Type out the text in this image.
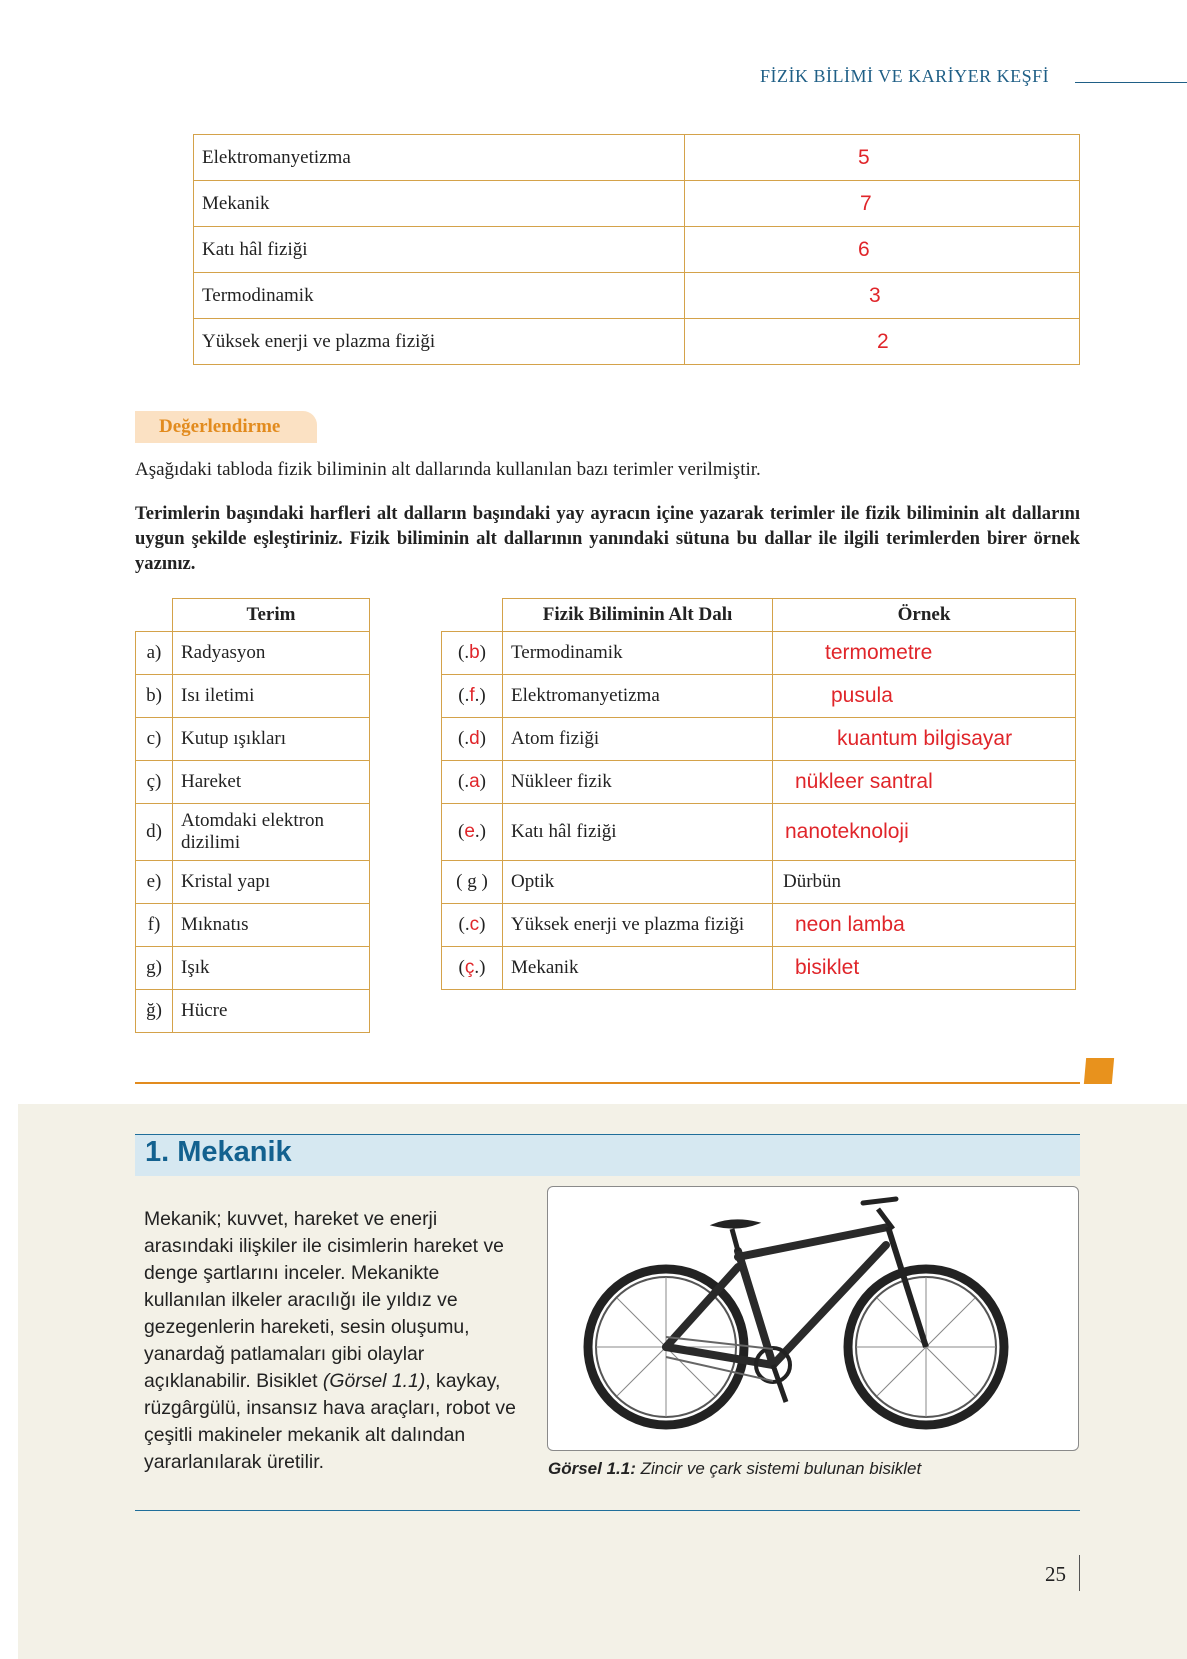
FİZİK BİLİMİ VE KARİYER KEŞFİ
Elektromanyetizma	5
Mekanik	7
Katı hâl fiziği	6
Termodinamik	3
Yüksek enerji ve plazma fiziği	2
Değerlendirme
Aşağıdaki tabloda fizik biliminin alt dallarında kullanılan bazı terimler verilmiştir.
Terimlerin başındaki harfleri alt dalların başındaki yay ayracın içine yazarak terimler ile fizik biliminin alt dallarını uygun şekilde eşleştiriniz. Fizik biliminin alt dallarının yanındaki sütuna bu dallar ile ilgili terimlerden birer örnek yazınız.
	Terim
a)	Radyasyon
b)	Isı iletimi
c)	Kutup ışıkları
ç)	Hareket
d)	Atomdaki elektron dizilimi
e)	Kristal yapı
f)	Mıknatıs
g)	Işık
ğ)	Hücre
	Fizik Biliminin Alt Dalı	Örnek
(.b)	Termodinamik	termometre
(.f.)	Elektromanyetizma	pusula
(.d)	Atom fiziği	kuantum bilgisayar
(.a)	Nükleer fizik	nükleer santral
(e.)	Katı hâl fiziği	nanoteknoloji
( g )	Optik	Dürbün
(.c)	Yüksek enerji ve plazma fiziği	neon lamba
(ç.)	Mekanik	bisiklet
1. Mekanik
Mekanik; kuvvet, hareket ve enerji arasındaki ilişkiler ile cisimlerin hareket ve denge şartlarını inceler. Mekanikte kullanılan ilkeler aracılığı ile yıldız ve gezegenlerin hareketi, sesin oluşumu, yanardağ patlamaları gibi olaylar açıklanabilir. Bisiklet (Görsel 1.1), kaykay, rüzgârgülü, insansız hava araçları, robot ve çeşitli makineler mekanik alt dalından yararlanılarak üretilir.	Görsel 1.1: Zincir ve çark sistemi bulunan bisiklet
25
